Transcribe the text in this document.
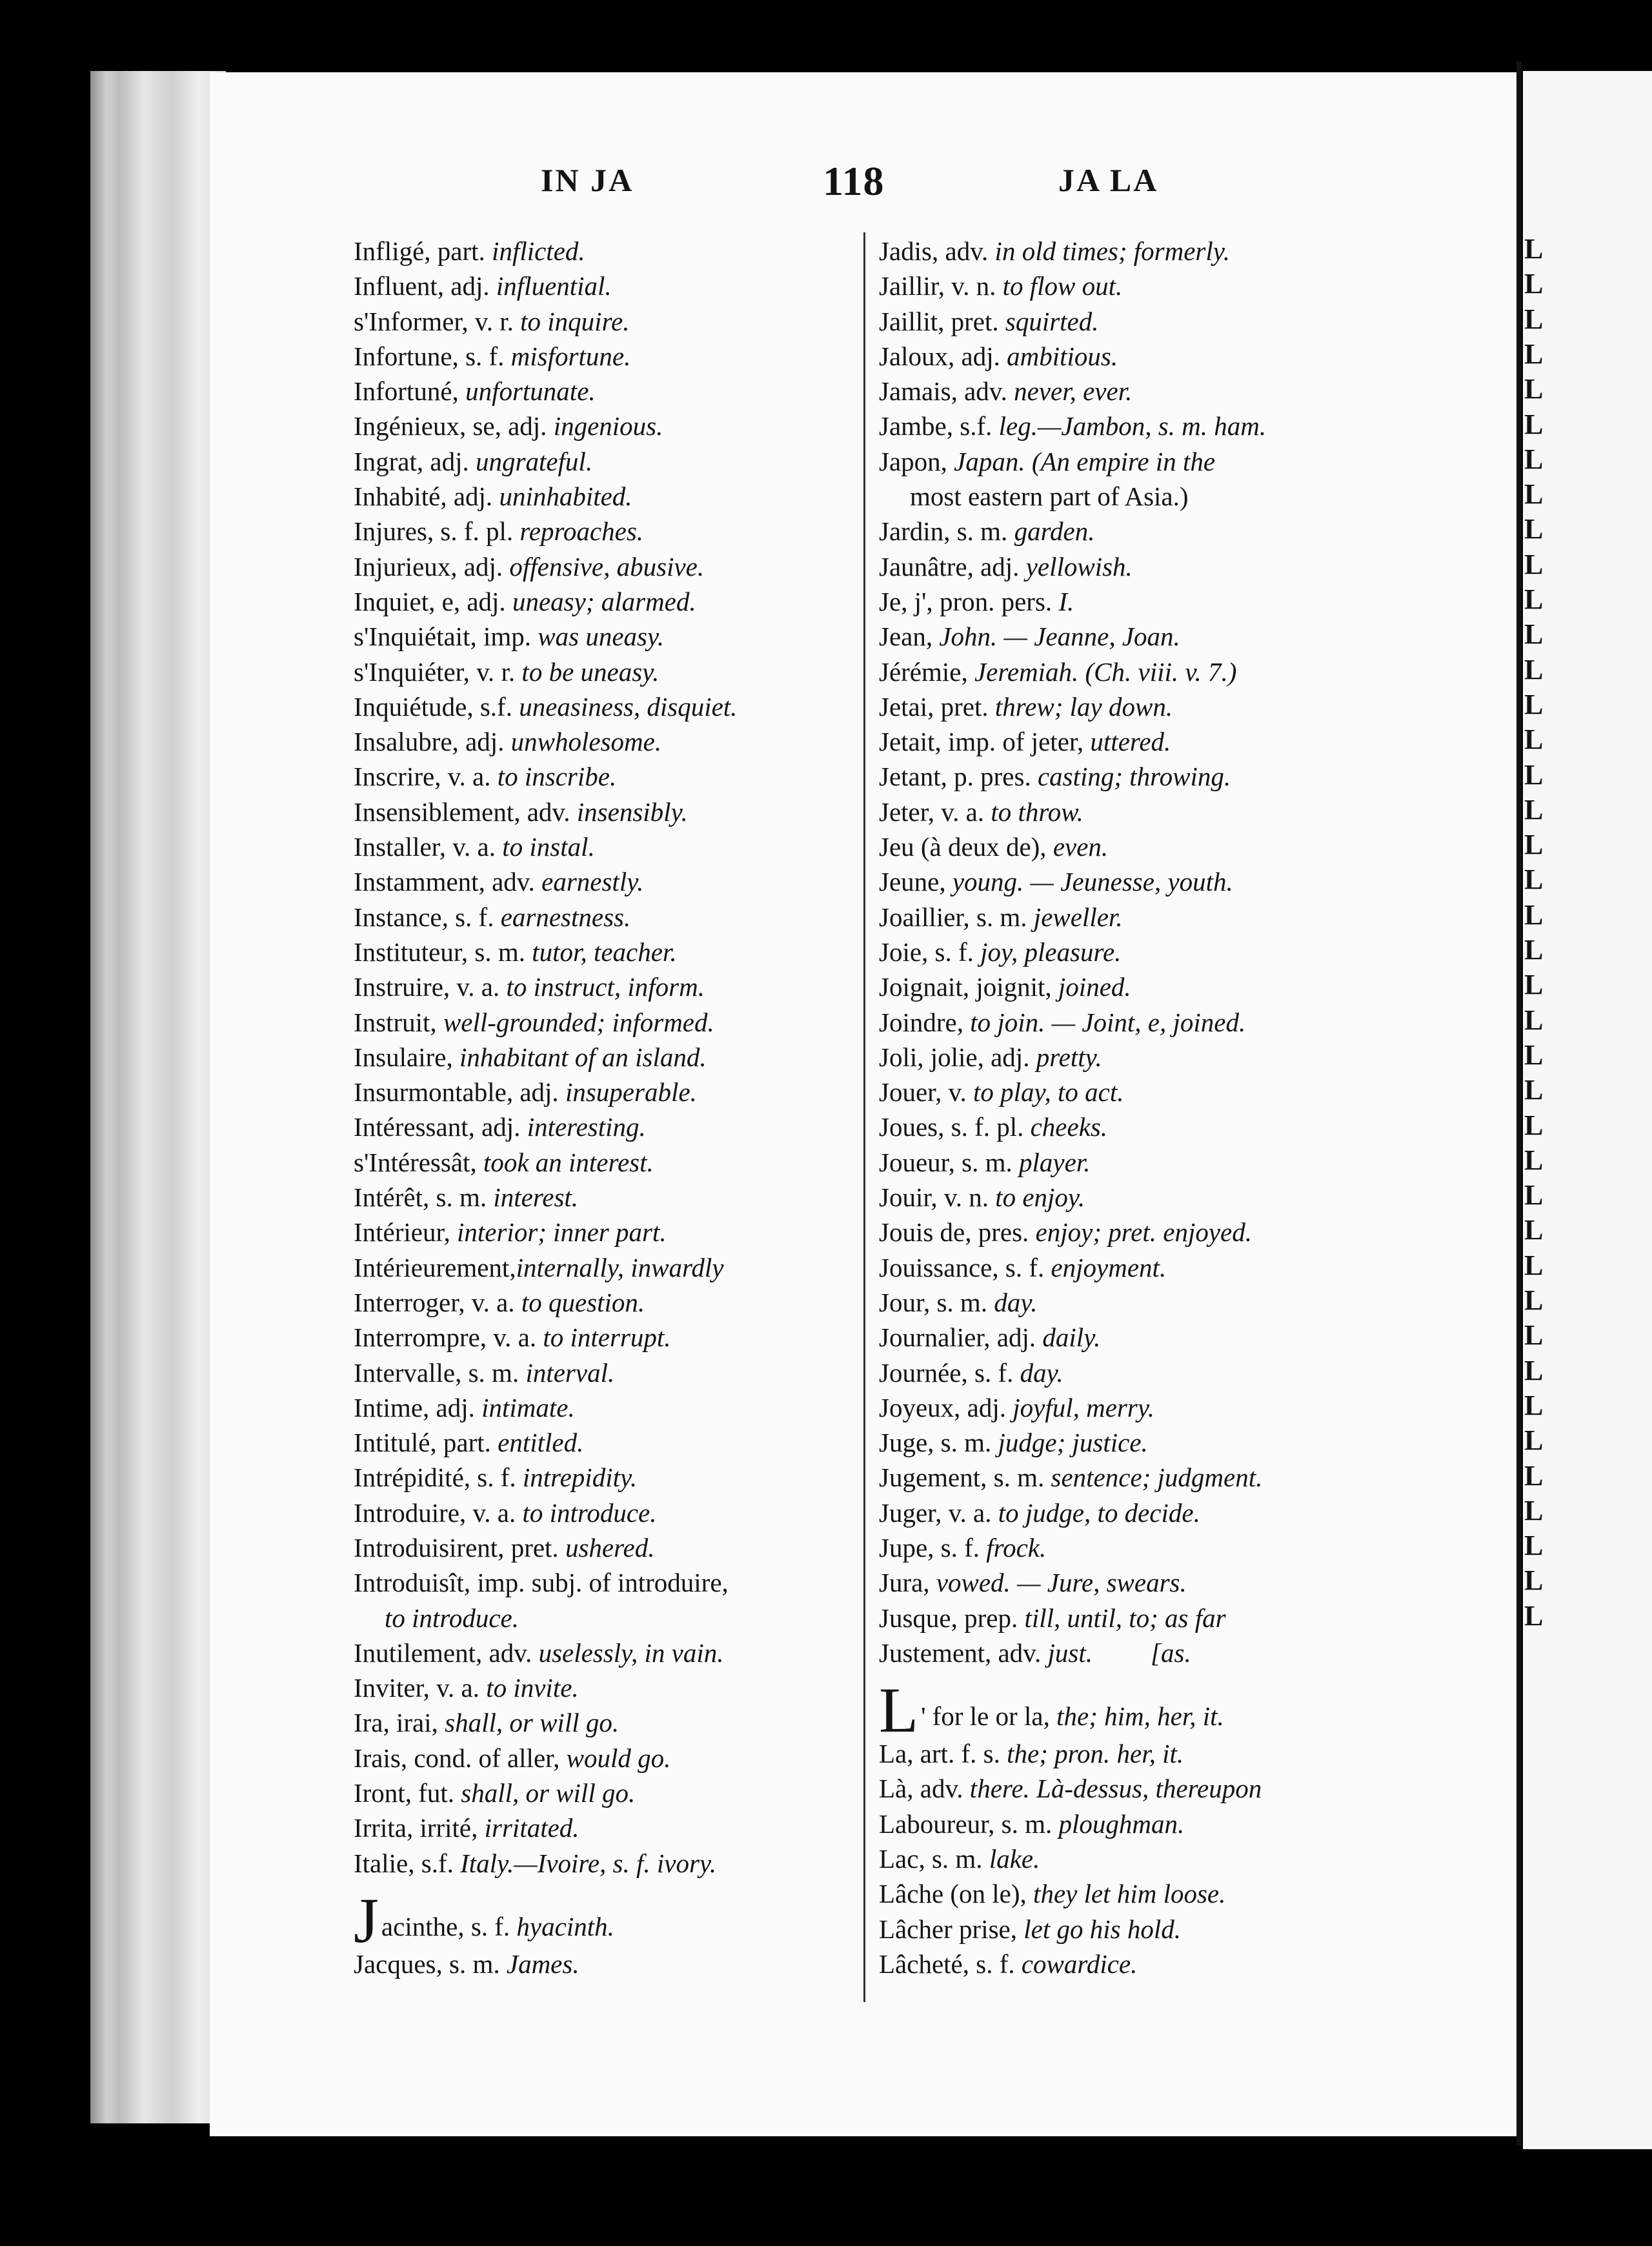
L
L
L
L
L
L
L
L
L
L
L
L
L
L
L
L
L
L
L
L
L
L
L
L
L
L
L
L
L
L
L
L
L
L
L
L
L
L
L
L
IN JA	118	JA LA
Infligé, part. inflicted.
Influent, adj. influential.
s'Informer, v. r. to inquire.
Infortune, s. f. misfortune.
Infortuné, unfortunate.
Ingénieux, se, adj. ingenious.
Ingrat, adj. ungrateful.
Inhabité, adj. uninhabited.
Injures, s. f. pl. reproaches.
Injurieux, adj. offensive, abusive.
Inquiet, e, adj. uneasy; alarmed.
s'Inquiétait, imp. was uneasy.
s'Inquiéter, v. r. to be uneasy.
Inquiétude, s.f. uneasiness, disquiet.
Insalubre, adj. unwholesome.
Inscrire, v. a. to inscribe.
Insensiblement, adv. insensibly.
Installer, v. a. to instal.
Instamment, adv. earnestly.
Instance, s. f. earnestness.
Instituteur, s. m. tutor, teacher.
Instruire, v. a. to instruct, inform.
Instruit, well-grounded; informed.
Insulaire, inhabitant of an island.
Insurmontable, adj. insuperable.
Intéressant, adj. interesting.
s'Intéressât, took an interest.
Intérêt, s. m. interest.
Intérieur, interior; inner part.
Intérieurement,internally, inwardly
Interroger, v. a. to question.
Interrompre, v. a. to interrupt.
Intervalle, s. m. interval.
Intime, adj. intimate.
Intitulé, part. entitled.
Intrépidité, s. f. intrepidity.
Introduire, v. a. to introduce.
Introduisirent, pret. ushered.
Introduisît, imp. subj. of introduire,
to introduce.
Inutilement, adv. uselessly, in vain.
Inviter, v. a. to invite.
Ira, irai, shall, or will go.
Irais, cond. of aller, would go.
Iront, fut. shall, or will go.
Irrita, irrité, irritated.
Italie, s.f. Italy.—Ivoire, s. f. ivory.
Jacinthe, s. f. hyacinth.
Jacques, s. m. James.
Jadis, adv. in old times; formerly.
Jaillir, v. n. to flow out.
Jaillit, pret. squirted.
Jaloux, adj. ambitious.
Jamais, adv. never, ever.
Jambe, s.f. leg.—Jambon, s. m. ham.
Japon, Japan. (An empire in the
most eastern part of Asia.)
Jardin, s. m. garden.
Jaunâtre, adj. yellowish.
Je, j', pron. pers. I.
Jean, John. — Jeanne, Joan.
Jérémie, Jeremiah. (Ch. viii. v. 7.)
Jetai, pret. threw; lay down.
Jetait, imp. of jeter, uttered.
Jetant, p. pres. casting; throwing.
Jeter, v. a. to throw.
Jeu (à deux de), even.
Jeune, young. — Jeunesse, youth.
Joaillier, s. m. jeweller.
Joie, s. f. joy, pleasure.
Joignait, joignit, joined.
Joindre, to join. — Joint, e, joined.
Joli, jolie, adj. pretty.
Jouer, v. to play, to act.
Joues, s. f. pl. cheeks.
Joueur, s. m. player.
Jouir, v. n. to enjoy.
Jouis de, pres. enjoy; pret. enjoyed.
Jouissance, s. f. enjoyment.
Jour, s. m. day.
Journalier, adj. daily.
Journée, s. f. day.
Joyeux, adj. joyful, merry.
Juge, s. m. judge; justice.
Jugement, s. m. sentence; judgment.
Juger, v. a. to judge, to decide.
Jupe, s. f. frock.
Jura, vowed. — Jure, swears.
Jusque, prep. till, until, to; as far
Justement, adv. just. [as.
L' for le or la, the; him, her, it.
La, art. f. s. the; pron. her, it.
Là, adv. there. Là-dessus, thereupon
Laboureur, s. m. ploughman.
Lac, s. m. lake.
Lâche (on le), they let him loose.
Lâcher prise, let go his hold.
Lâcheté, s. f. cowardice.
